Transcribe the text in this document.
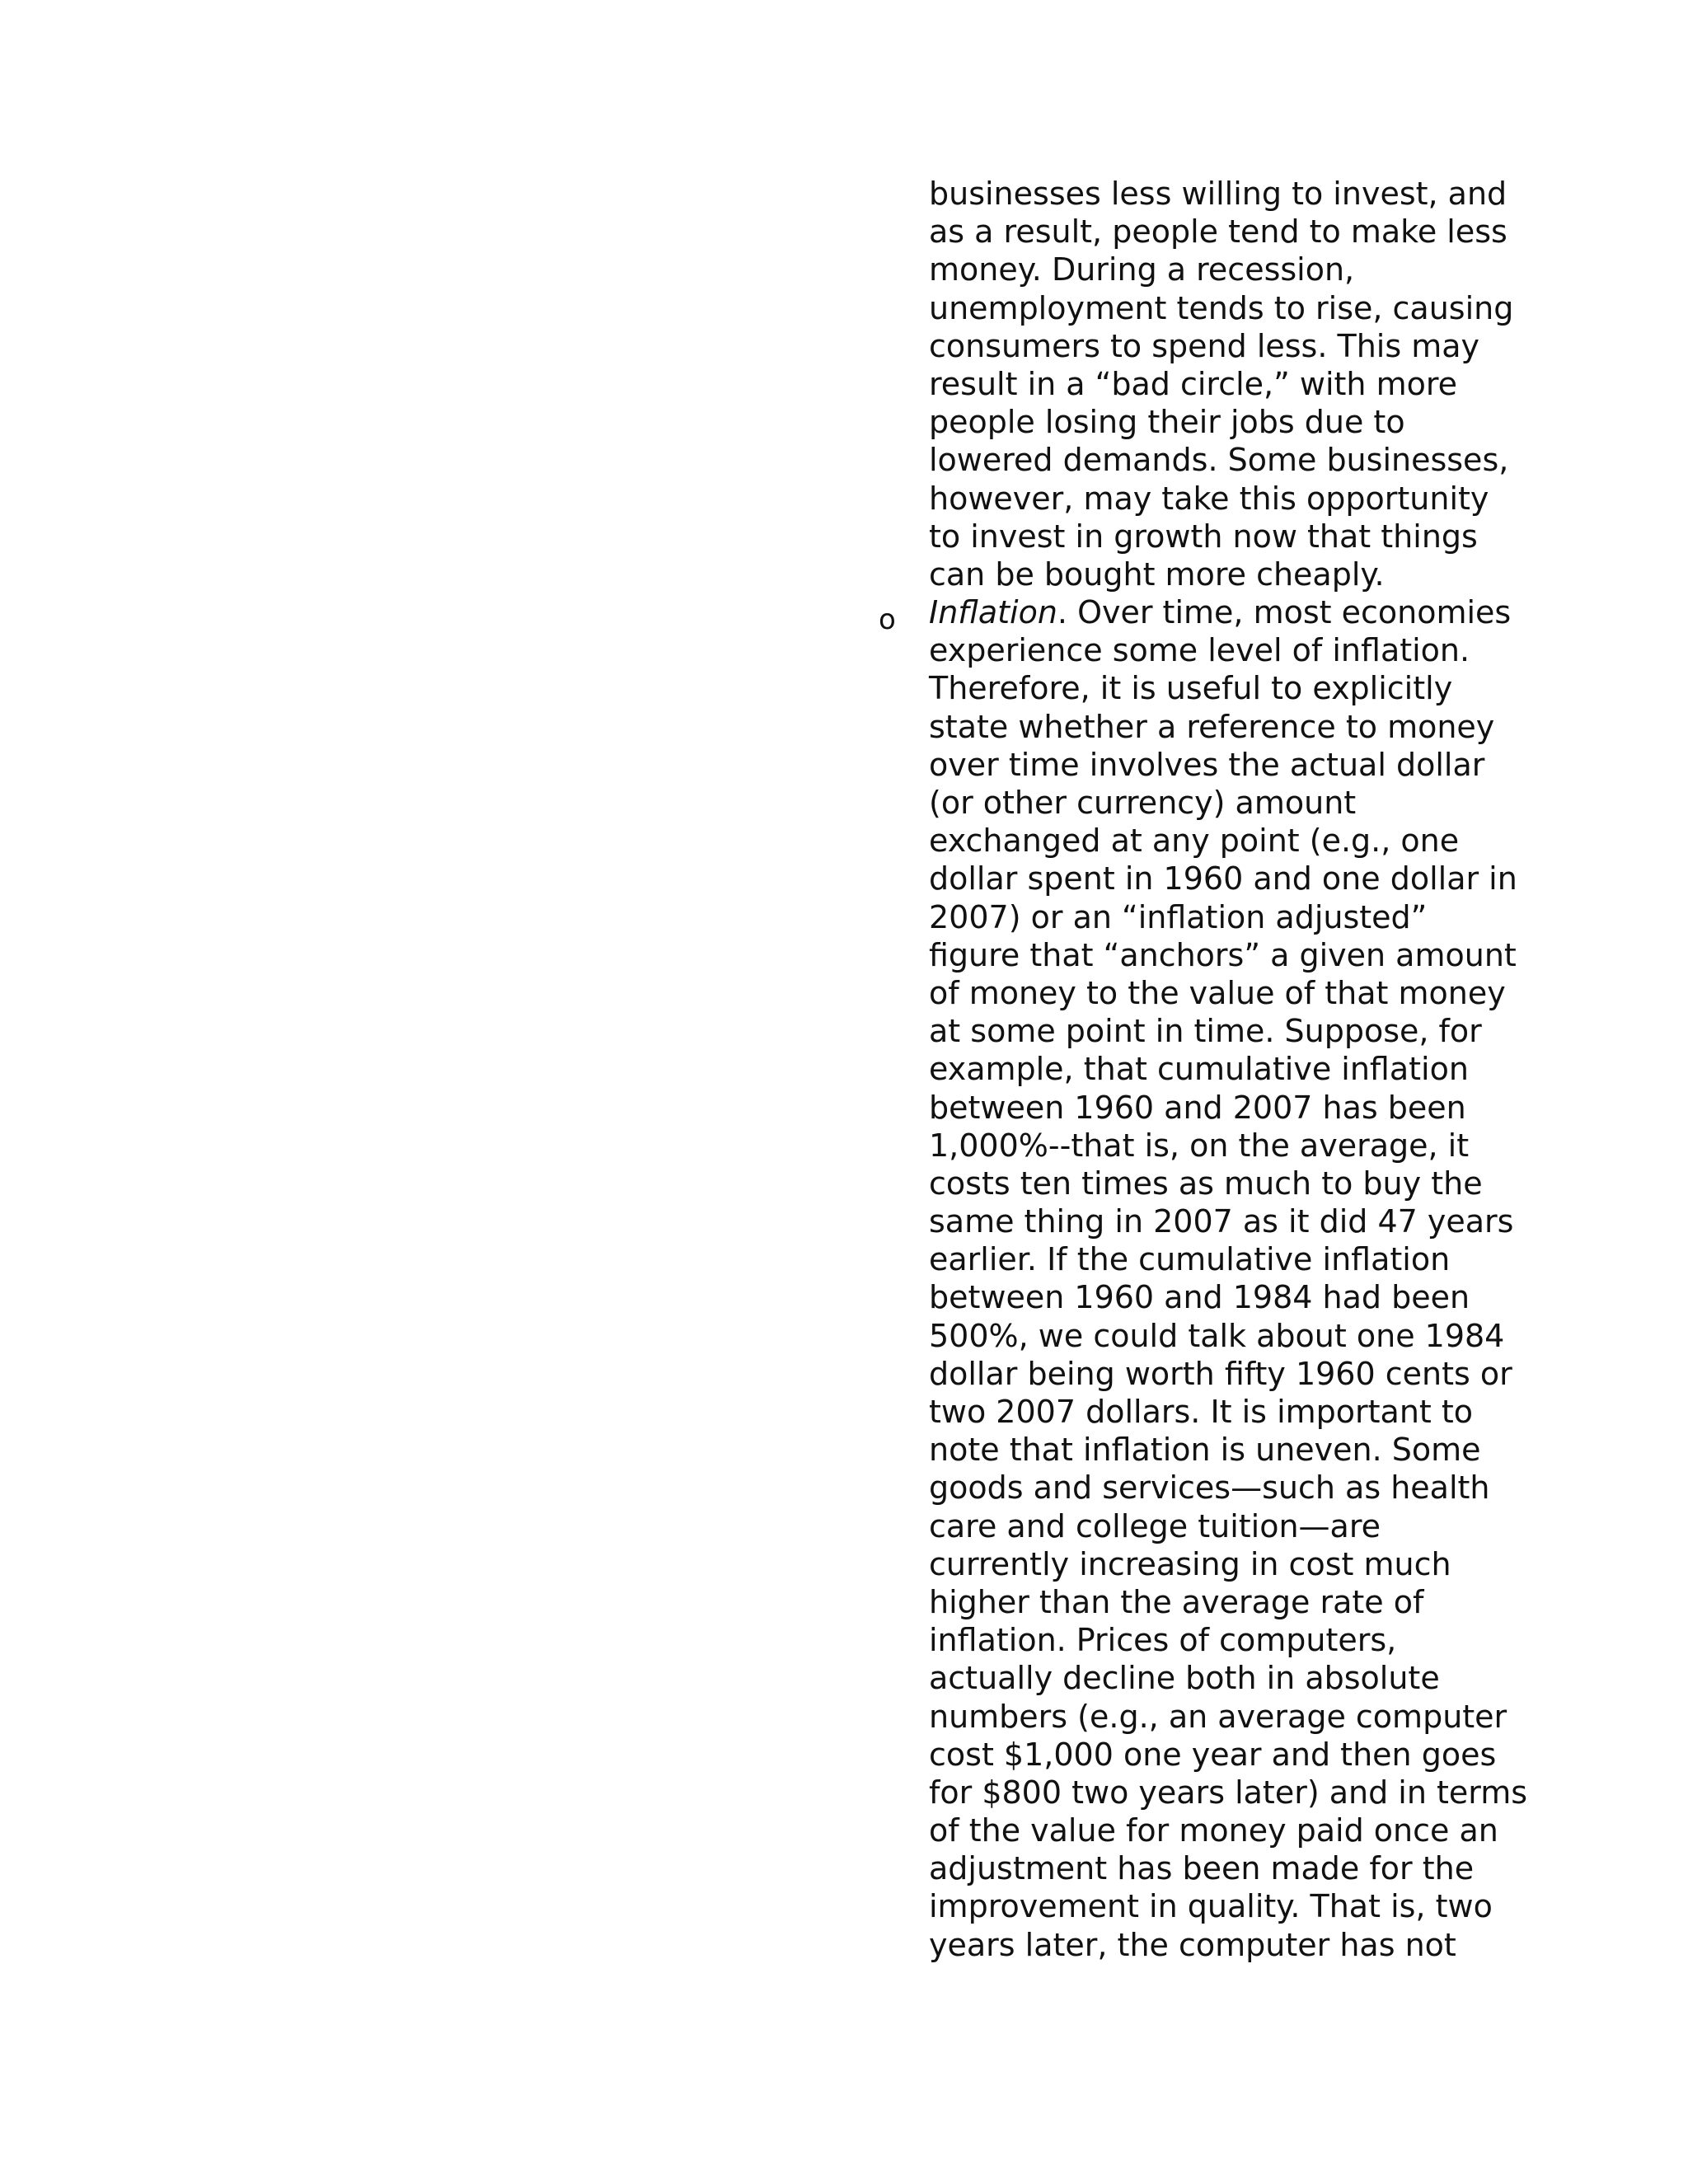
businesses less willing to invest, and
as a result, people tend to make less
money. During a recession,
unemployment tends to rise, causing
consumers to spend less. This may
result in a “bad circle,” with more
people losing their jobs due to
lowered demands. Some businesses,
however, may take this opportunity
to invest in growth now that things
can be bought more cheaply.
Inflation. Over time, most economies
experience some level of inflation.
Therefore, it is useful to explicitly
state whether a reference to money
over time involves the actual dollar
(or other currency) amount
exchanged at any point (e.g., one
dollar spent in 1960 and one dollar in
2007) or an “inflation adjusted”
figure that “anchors” a given amount
of money to the value of that money
at some point in time. Suppose, for
example, that cumulative inflation
between 1960 and 2007 has been
1,000%--that is, on the average, it
costs ten times as much to buy the
same thing in 2007 as it did 47 years
earlier. If the cumulative inflation
between 1960 and 1984 had been
500%, we could talk about one 1984
dollar being worth fifty 1960 cents or
two 2007 dollars. It is important to
note that inflation is uneven. Some
goods and services—such as health
care and college tuition—are
currently increasing in cost much
higher than the average rate of
inflation. Prices of computers,
actually decline both in absolute
numbers (e.g., an average computer
cost $1,000 one year and then goes
for $800 two years later) and in terms
of the value for money paid once an
adjustment has been made for the
improvement in quality. That is, two
years later, the computer has not
o
